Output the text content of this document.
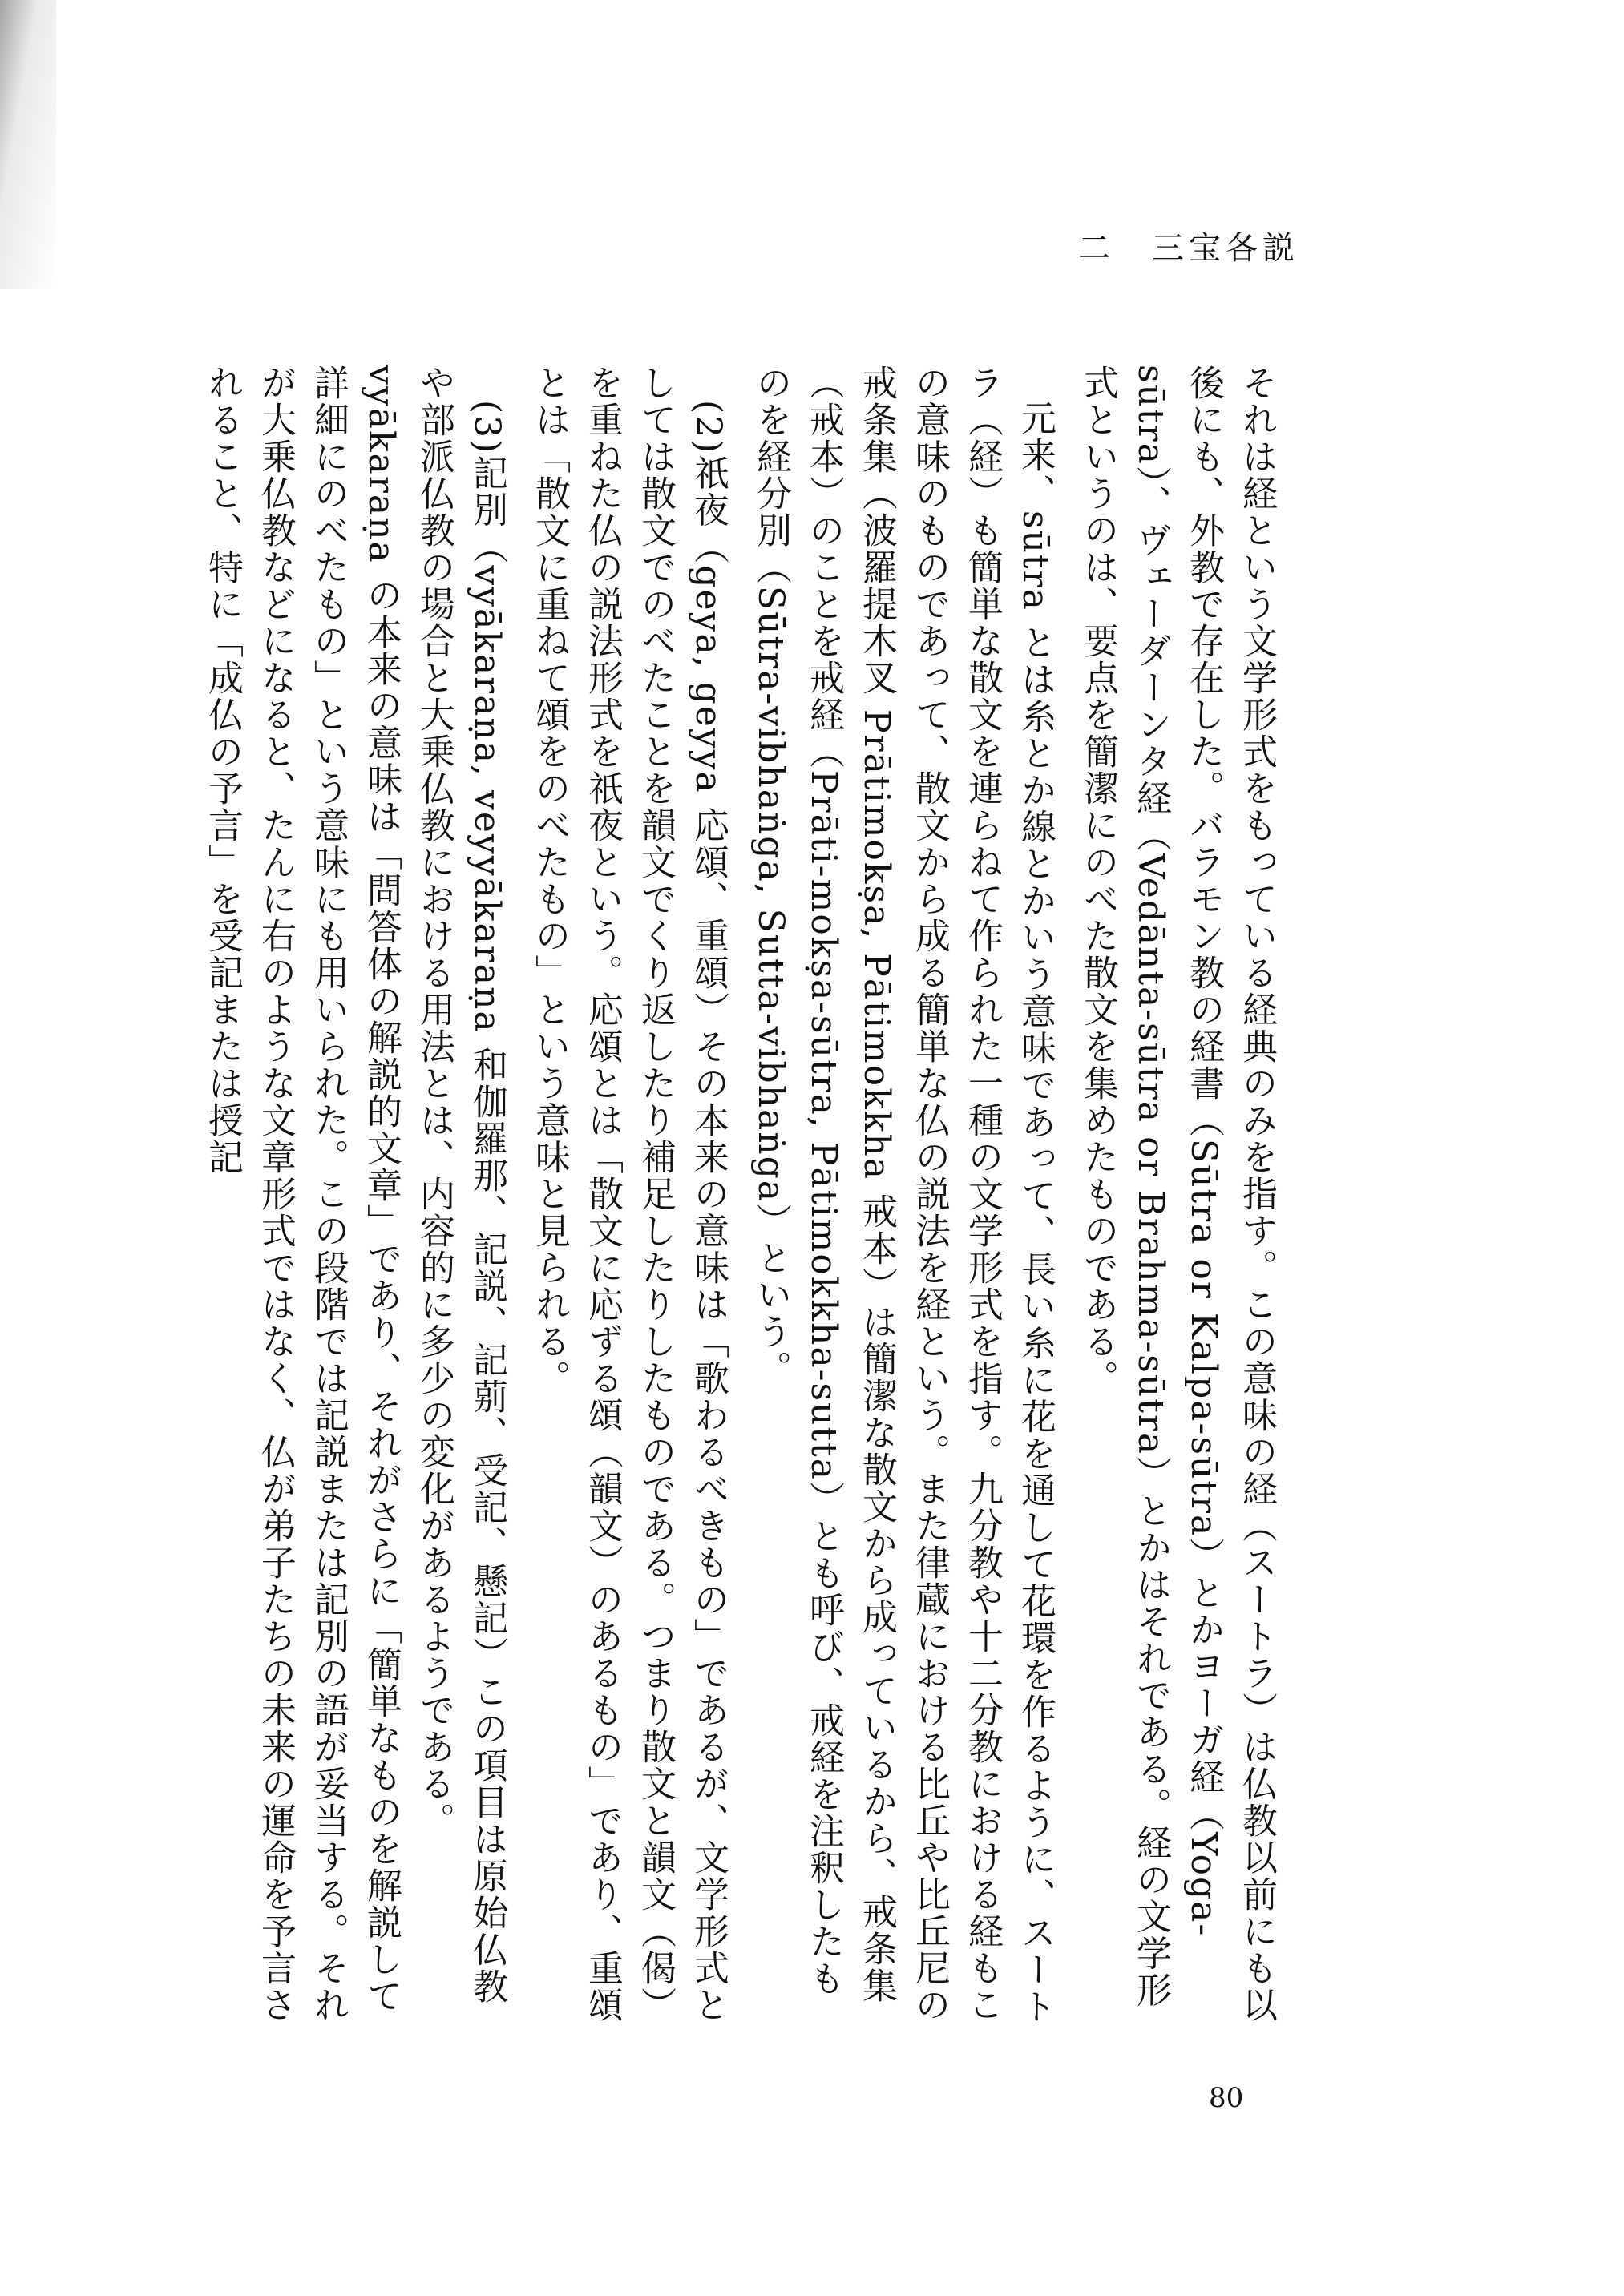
二　三宝各説

それは経という文学形式をもっている経典のみを指す。この意味の経（スートラ）は仏教以前にも以後にも、外教で存在した。バラモン教の経書（Sūtra or Kalpa-sūtra）とかヨーガ経（Yoga-sūtra）、ヴェーダーンタ経（Vedānta-sūtra or Brahma-sūtra）とかはそれである。経の文学形式というのは、要点を簡潔にのべた散文を集めたものである。

元来、sūtra とは糸とか線とかいう意味であって、長い糸に花を通して花環を作るように、スートラ（経）も簡単な散文を連らねて作られた一種の文学形式を指す。九分教や十二分教における経もこの意味のものであって、散文から成る簡単な仏の説法を経という。また律蔵における比丘や比丘尼の戒条集（波羅提木叉 Prātimokṣa, Pātimokkha 戒本）は簡潔な散文から成っているから、戒条集（戒本）のことを戒経（Prāti-mokṣa-sūtra, Pātimokkha-sutta）とも呼び、戒経を注釈したものを経分別（Sūtra-vibhaṅga, Sutta-vibhaṅga）という。

(2)祇夜（geya, geyya 応頌、重頌）その本来の意味は「歌わるべきもの」であるが、文学形式としては散文でのべたことを韻文でくり返したり補足したりしたものである。つまり散文と韻文（偈）を重ねた仏の説法形式を祇夜という。応頌とは「散文に応ずる頌（韻文）のあるもの」であり、重頌とは「散文に重ねて頌をのべたもの」という意味と見られる。

(3)記別（vyākaraṇa, veyyākaraṇa 和伽羅那、記説、記莂、受記、懸記）この項目は原始仏教や部派仏教の場合と大乗仏教における用法とは、内容的に多少の変化があるようである。vyākaraṇa の本来の意味は「問答体の解説的文章」であり、それがさらに「簡単なものを解説して詳細にのべたもの」という意味にも用いられた。この段階では記説または記別の語が妥当する。それが大乗仏教などになると、たんに右のような文章形式ではなく、仏が弟子たちの未来の運命を予言されること、特に「成仏の予言」を受記または授記

80
